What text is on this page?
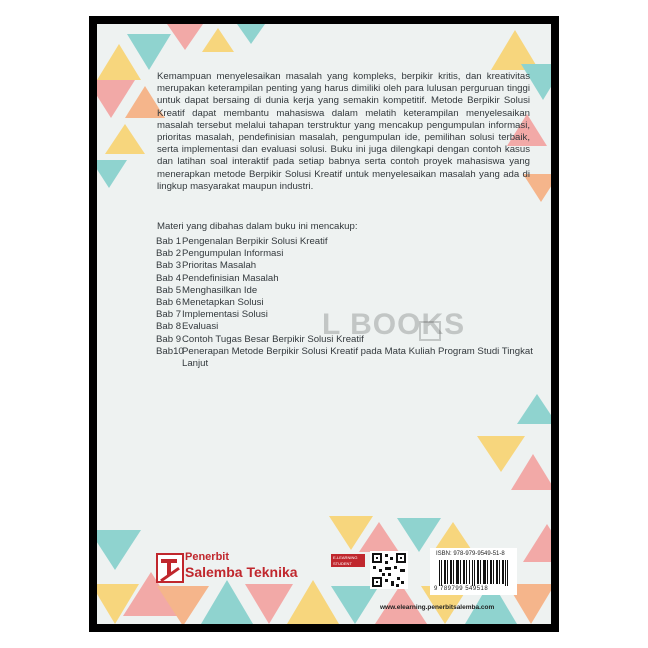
Kemampuan menyelesaikan masalah yang kompleks, berpikir kritis, dan kreativitas merupakan keterampilan penting yang harus dimiliki oleh para lulusan perguruan tinggi untuk dapat bersaing di dunia kerja yang semakin kompetitif. Metode Berpikir Solusi Kreatif dapat membantu mahasiswa dalam melatih keterampilan menyelesaikan masalah tersebut melalui tahapan terstruktur yang mencakup pengumpulan informasi, prioritas masalah, pendefinisian masalah, pengumpulan ide, pemilihan solusi terbaik, serta implementasi dan evaluasi solusi. Buku ini juga dilengkapi dengan contoh kasus dan latihan soal interaktif pada setiap babnya serta contoh proyek mahasiswa yang menerapkan metode Berpikir Solusi Kreatif untuk menyelesaikan masalah yang ada di lingkup masyarakat maupun industri.

Materi yang dibahas dalam buku ini mencakup:

Bab 1 Pengenalan Berpikir Solusi Kreatif
Bab 2 Pengumpulan Informasi
Bab 3 Prioritas Masalah
Bab 4 Pendefinisian Masalah
Bab 5 Menghasilkan Ide
Bab 6 Menetapkan Solusi
Bab 7 Implementasi Solusi
Bab 8 Evaluasi
Bab 9 Contoh Tugas Besar Berpikir Solusi Kreatif
Bab10
Penerapan Metode Berpikir Solusi Kreatif pada Mata Kuliah Program Studi Tingkat Lanjut
L BOOKS
Penerbit
Salemba Teknika
E-LEARNING STUDENT
ISBN: 978-979-9549-51-8
9 789799 549518
www.elearning.penerbitsalemba.com
